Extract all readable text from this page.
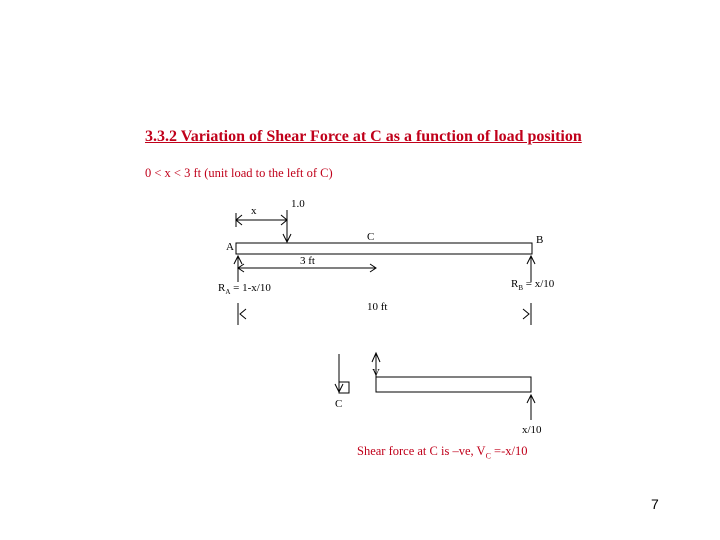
3.3.2 Variation of Shear Force at C as a function of load position
0 < x < 3 ft (unit load to the left of C)
x
1.0
A
C	B
3 ft
$R_A = 1-x/10$	$R_B = x/10$
10 ft
V
C
x/10
Shear force at C is –ve, $V_C =-x/10$
7
